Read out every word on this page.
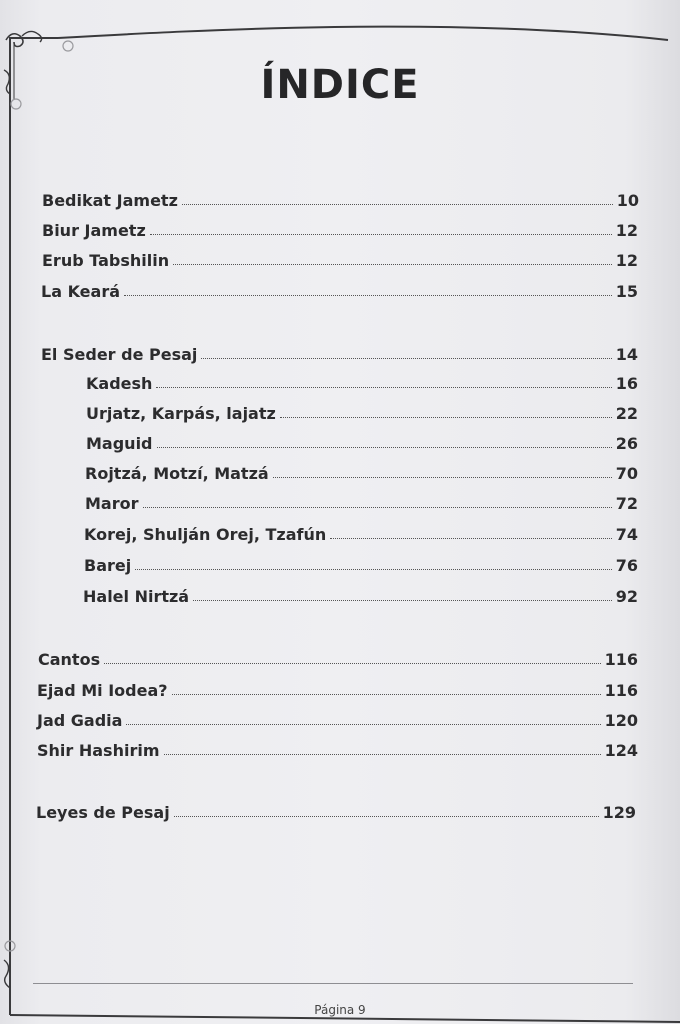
ÍNDICE
Bedikat Jametz	10
Biur Jametz	12
Erub Tabshilin	12
La Keará	15
El Seder de Pesaj	14
Kadesh	16
Urjatz, Karpás, lajatz	22
Maguid	26
Rojtzá, Motzí, Matzá	70
Maror	72
Korej, Shulján Orej, Tzafún	74
Barej	76
Halel Nirtzá	92
Cantos	116
Ejad Mi Iodea?	116
Jad Gadia	120
Shir Hashirim	124
Leyes de Pesaj	129
Página 9
